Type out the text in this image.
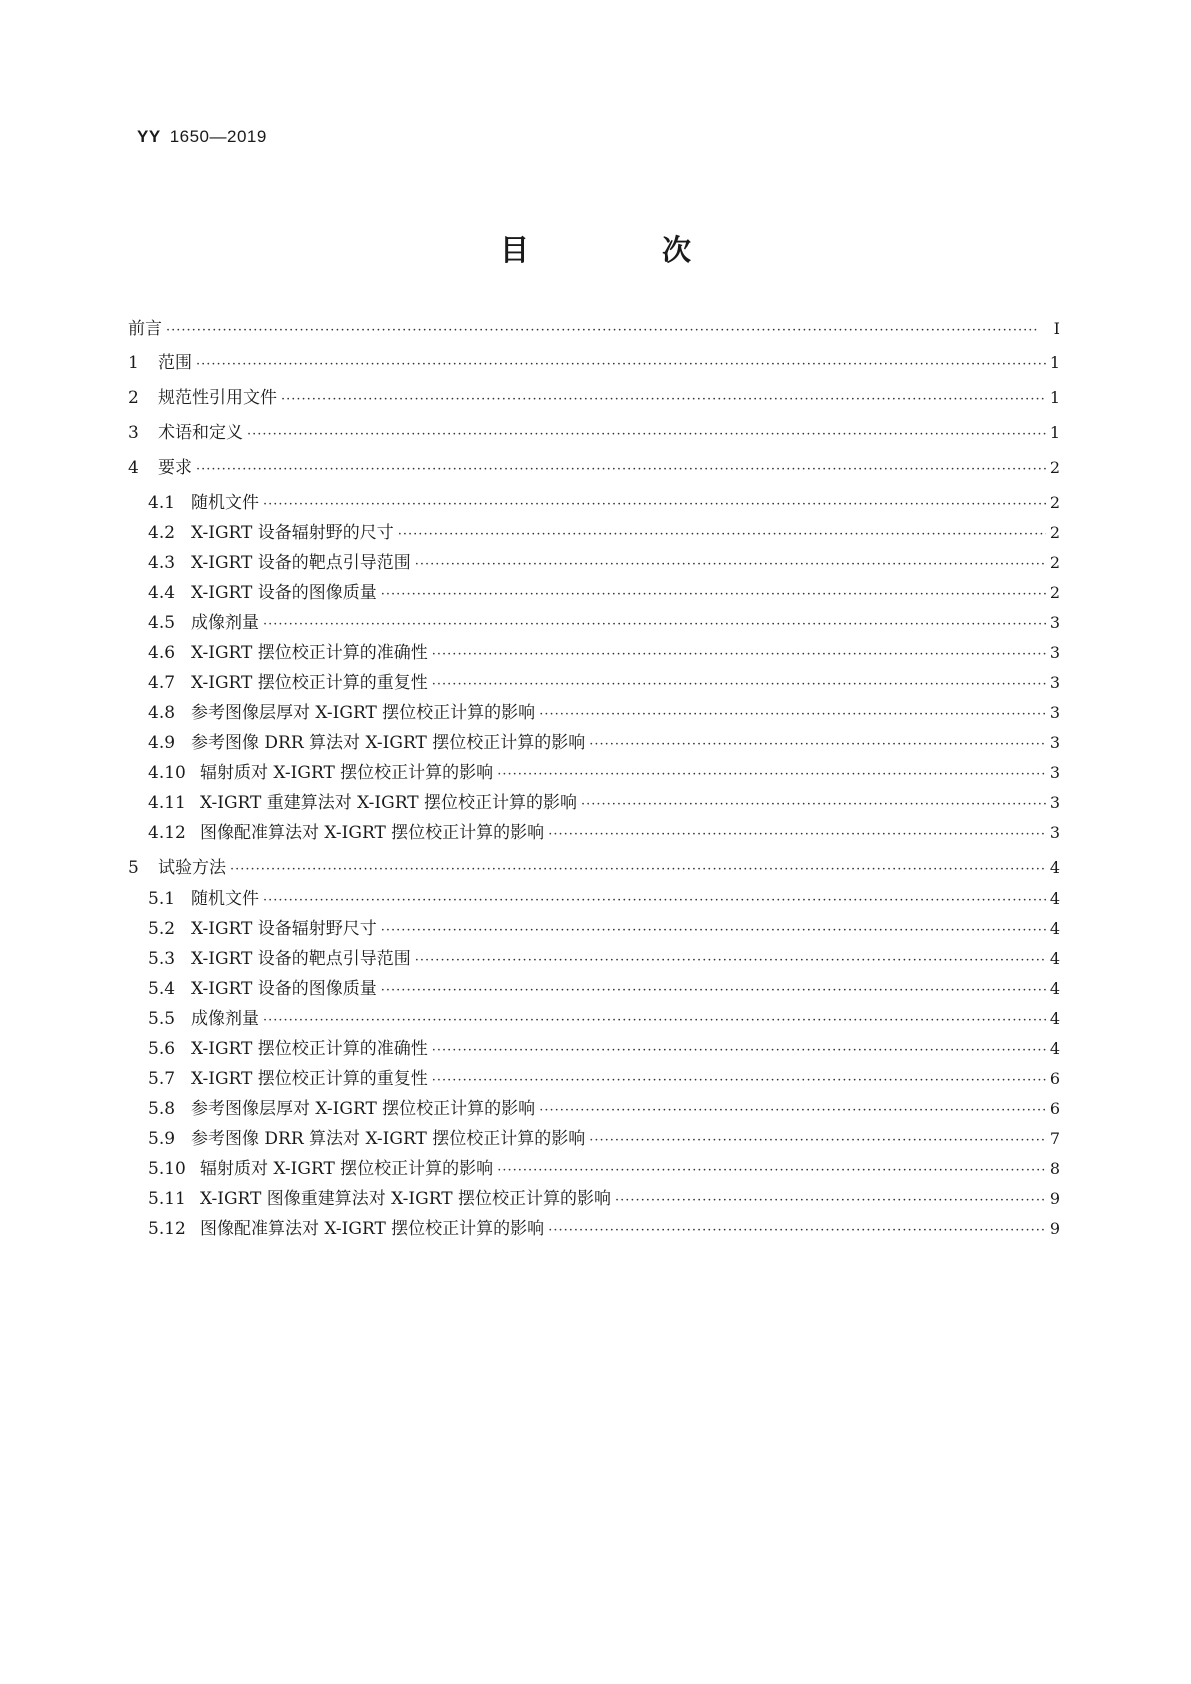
YY 1650—2019
目　次
前言 ·····	Ⅰ
1	范围 ·····	1
2	规范性引用文件 ·····	1
3	术语和定义 ·····	1
4	要求 ·····	2
4.1 随机文件 ·····	2
4.2 X-IGRT 设备辐射野的尺寸 ·····	2
4.3 X-IGRT 设备的靶点引导范围 ·····	2
4.4 X-IGRT 设备的图像质量 ·····	2
4.5 成像剂量 ·····	3
4.6 X-IGRT 摆位校正计算的准确性 ·····	3
4.7 X-IGRT 摆位校正计算的重复性 ·····	3
4.8 参考图像层厚对 X-IGRT 摆位校正计算的影响 ·····	3
4.9 参考图像 DRR 算法对 X-IGRT 摆位校正计算的影响 ·····	3
4.10 辐射质对 X-IGRT 摆位校正计算的影响 ·····	3
4.11 X-IGRT 重建算法对 X-IGRT 摆位校正计算的影响 ·····	3
4.12 图像配准算法对 X-IGRT 摆位校正计算的影响 ·····	3
5	试验方法 ·····	4
5.1 随机文件 ·····	4
5.2 X-IGRT 设备辐射野尺寸 ·····	4
5.3 X-IGRT 设备的靶点引导范围 ·····	4
5.4 X-IGRT 设备的图像质量 ·····	4
5.5 成像剂量 ·····	4
5.6 X-IGRT 摆位校正计算的准确性 ·····	4
5.7 X-IGRT 摆位校正计算的重复性 ·····	6
5.8 参考图像层厚对 X-IGRT 摆位校正计算的影响 ·····	6
5.9 参考图像 DRR 算法对 X-IGRT 摆位校正计算的影响 ·····	7
5.10 辐射质对 X-IGRT 摆位校正计算的影响 ·····	8
5.11 X-IGRT 图像重建算法对 X-IGRT 摆位校正计算的影响 ·····	9
5.12 图像配准算法对 X-IGRT 摆位校正计算的影响 ·····	9
